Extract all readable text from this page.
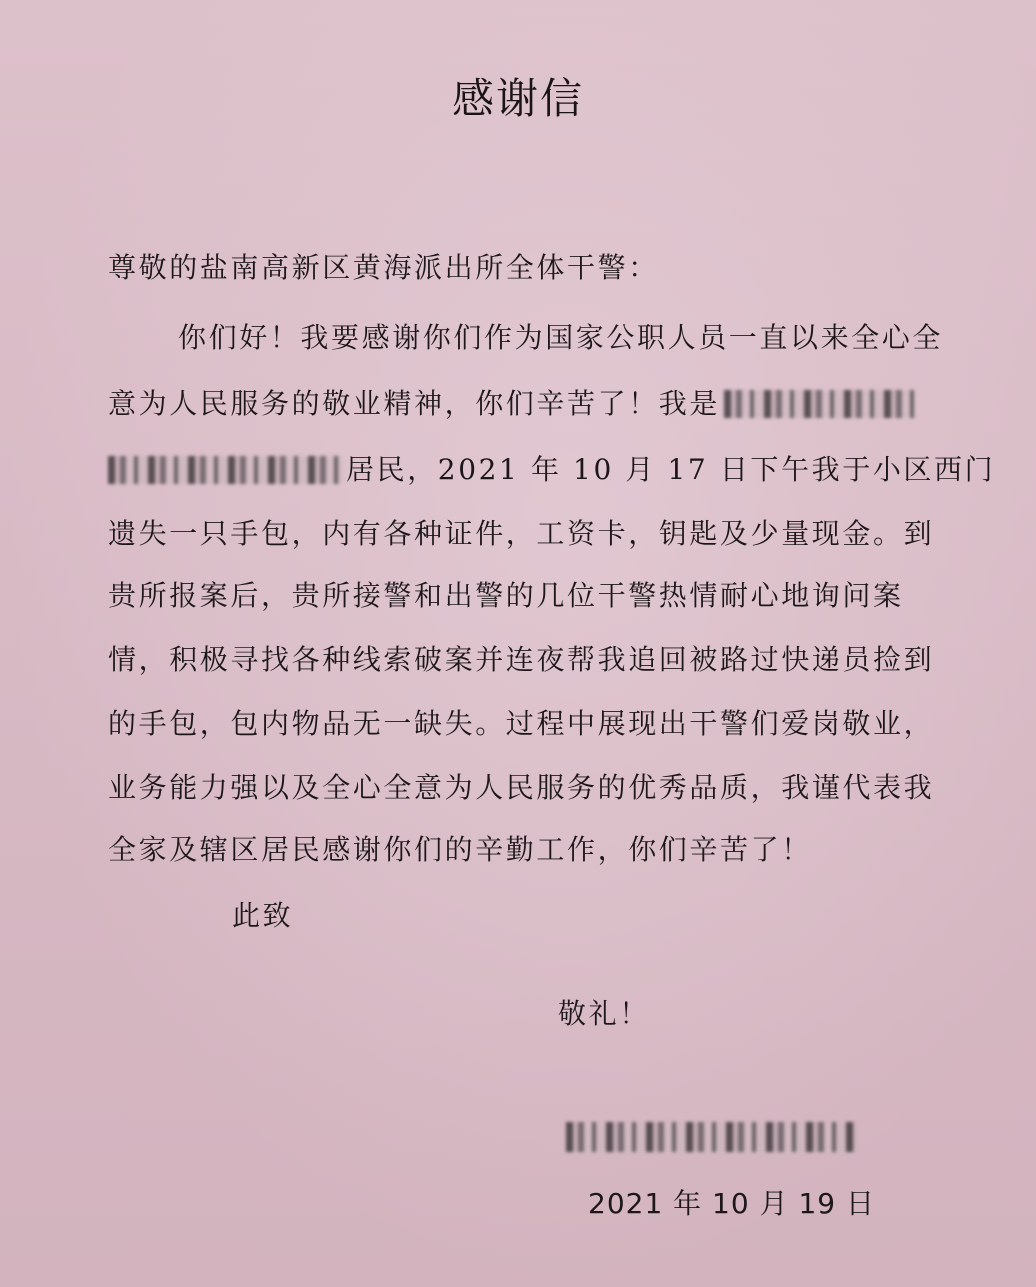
感谢信
尊敬的盐南高新区黄海派出所全体干警：
你们好！我要感谢你们作为国家公职人员一直以来全心全
意为人民服务的敬业精神，你们辛苦了！我是
居民，2021 年 10 月 17 日下午我于小区西门
遗失一只手包，内有各种证件，工资卡，钥匙及少量现金。到
贵所报案后，贵所接警和出警的几位干警热情耐心地询问案
情，积极寻找各种线索破案并连夜帮我追回被路过快递员捡到
的手包，包内物品无一缺失。过程中展现出干警们爱岗敬业，
业务能力强以及全心全意为人民服务的优秀品质，我谨代表我
全家及辖区居民感谢你们的辛勤工作，你们辛苦了！
此致
敬礼！
2021 年 10 月 19 日
